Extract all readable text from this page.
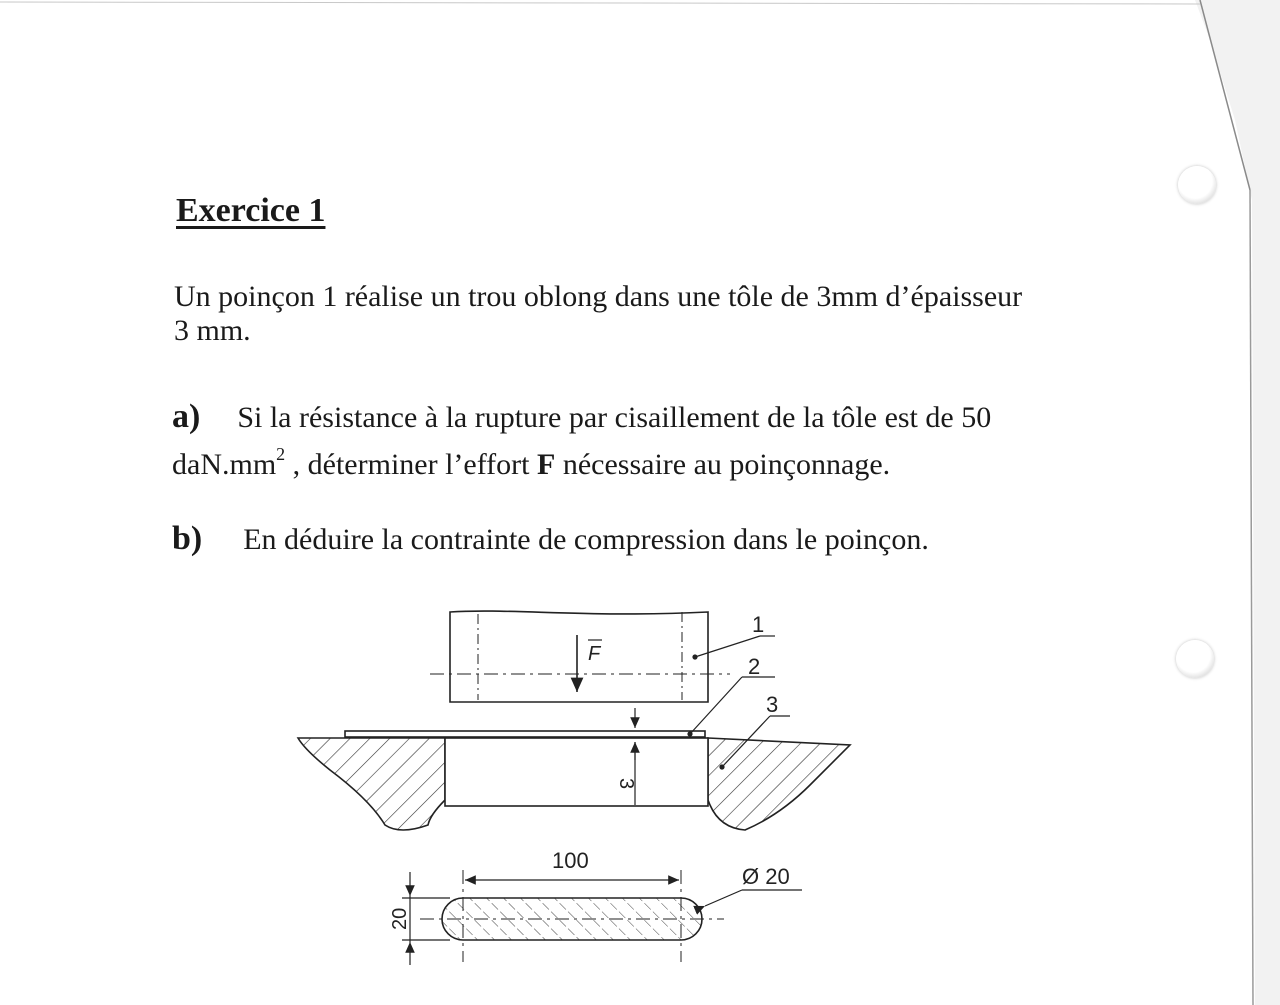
Exercice 1
Un poinçon 1 réalise un trou oblong dans une tôle de 3mm d’épaisseur
3 mm.
a) Si la résistance à la rupture par cisaillement de la tôle est de 50
$daN.mm^2$ , déterminer l’effort F nécessaire au poinçonnage.
b) En déduire la contrainte de compression dans le poinçon.
F
3
1
2
3
100
20
Ø 20
